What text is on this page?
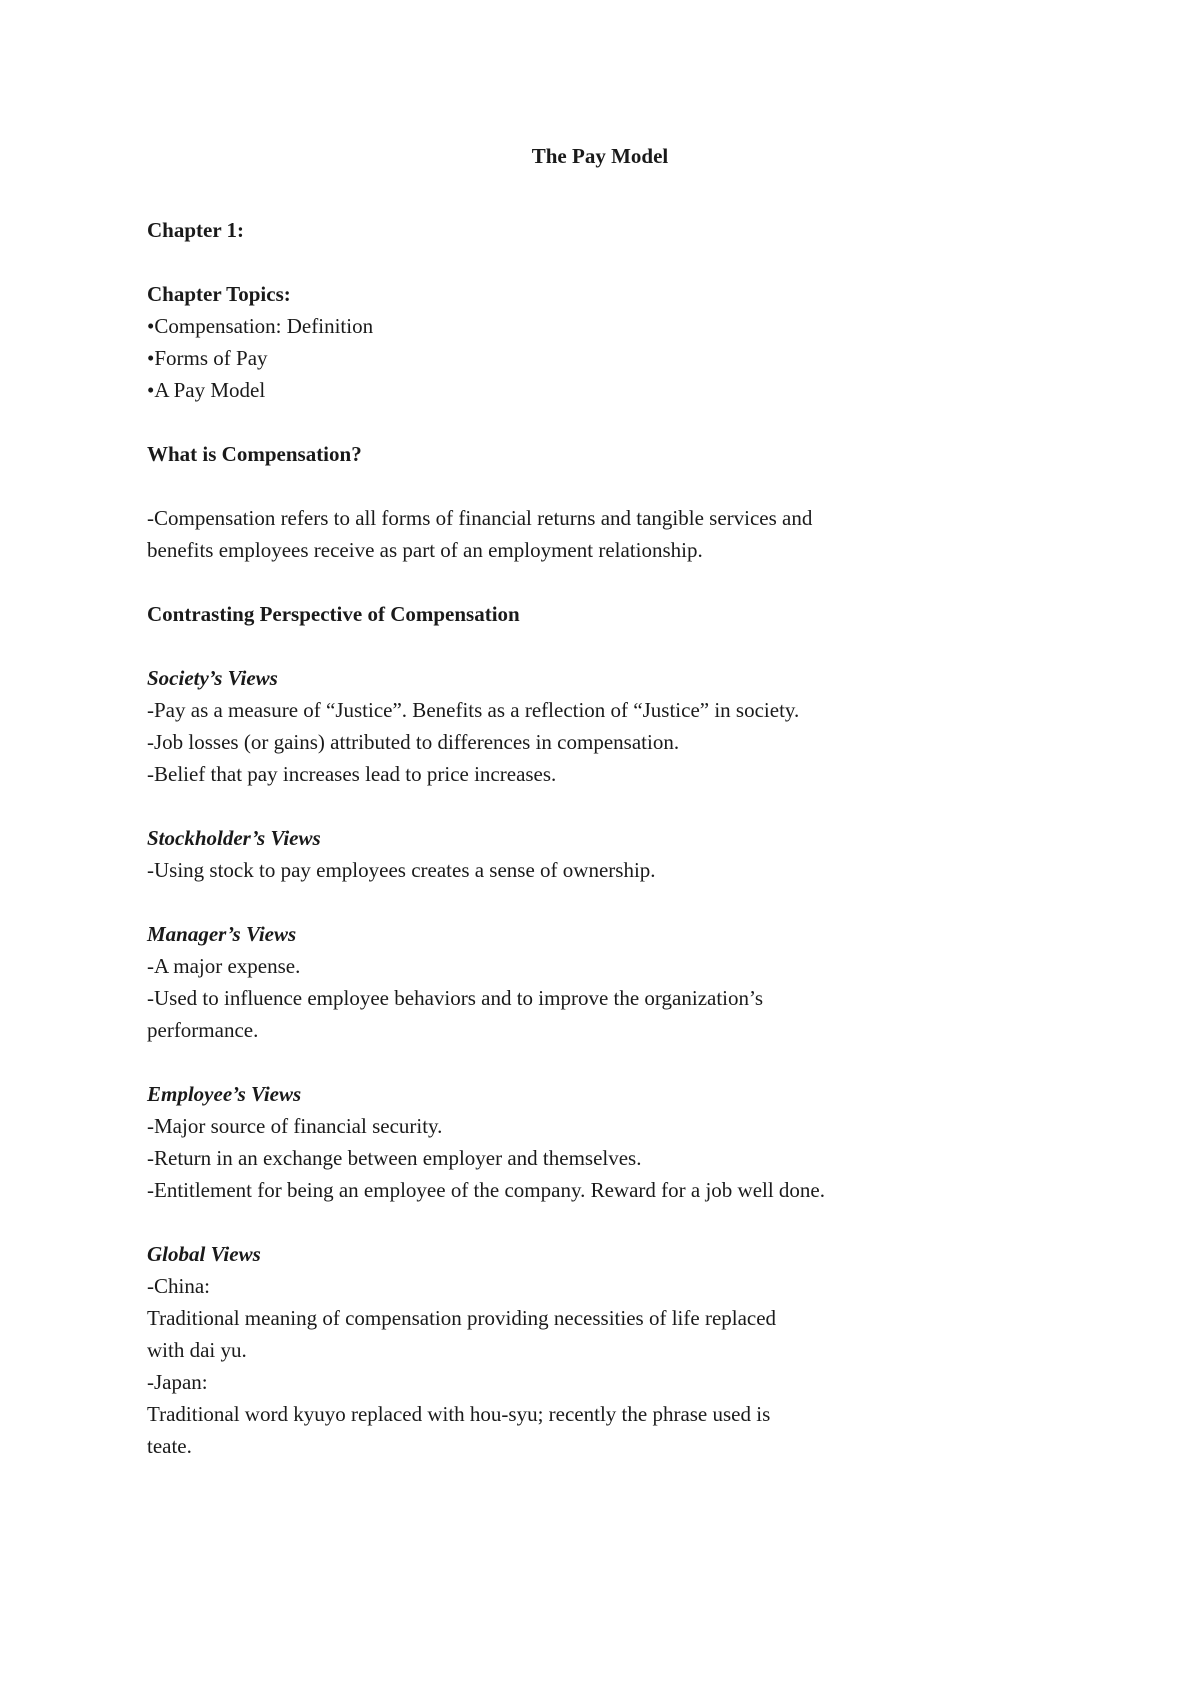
The Pay Model
Chapter 1:
Chapter Topics:
•Compensation: Definition
•Forms of Pay
•A Pay Model
What is Compensation?
-Compensation refers to all forms of financial returns and tangible services and
benefits employees receive as part of an employment relationship.
Contrasting Perspective of Compensation
Society’s Views
-Pay as a measure of “Justice”. Benefits as a reflection of “Justice” in society.
-Job losses (or gains) attributed to differences in compensation.
-Belief that pay increases lead to price increases.
Stockholder’s Views
-Using stock to pay employees creates a sense of ownership.
Manager’s Views
-A major expense.
-Used to influence employee behaviors and to improve the organization’s
performance.
Employee’s Views
-Major source of financial security.
-Return in an exchange between employer and themselves.
-Entitlement for being an employee of the company. Reward for a job well done.
Global Views
-China:
Traditional meaning of compensation providing necessities of life replaced
with dai yu.
-Japan:
Traditional word kyuyo replaced with hou-syu; recently the phrase used is
teate.
